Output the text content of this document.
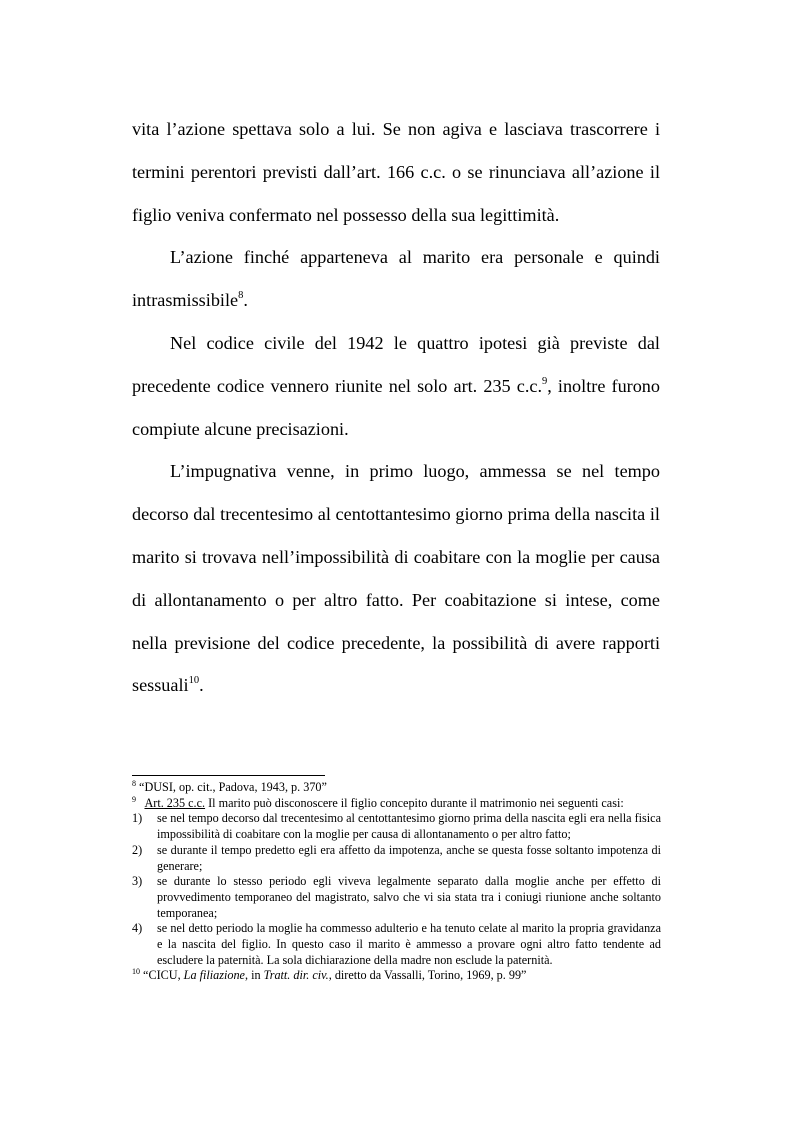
vita l’azione spettava solo a lui. Se non agiva e lasciava trascorrere i termini perentori previsti dall’art. 166 c.c. o se rinunciava all’azione il figlio veniva confermato nel possesso della sua legittimità.

L’azione finché apparteneva al marito era personale e quindi intrasmissibile$^8$.

Nel codice civile del 1942 le quattro ipotesi già previste dal precedente codice vennero riunite nel solo art. 235 c.c.$^9$, inoltre furono compiute alcune precisazioni.

L’impugnativa venne, in primo luogo, ammessa se nel tempo decorso dal trecentesimo al centottantesimo giorno prima della nascita il marito si trovava nell’impossibilità di coabitare con la moglie per causa di allontanamento o per altro fatto. Per coabitazione si intese, come nella previsione del codice precedente, la possibilità di avere rapporti sessuali$^{10}$.

$^8$ “DUSI, op. cit., Padova, 1943, p. 370”

$^9$ Art. 235 c.c. Il marito può disconoscere il figlio concepito durante il matrimonio nei seguenti casi:

1)	se nel tempo decorso dal trecentesimo al centottantesimo giorno prima della nascita egli era nella fisica impossibilità di coabitare con la moglie per causa di allontanamento o per altro fatto;
2)	se durante il tempo predetto egli era affetto da impotenza, anche se questa fosse soltanto impotenza di generare;
3)	se durante lo stesso periodo egli viveva legalmente separato dalla moglie anche per effetto di provvedimento temporaneo del magistrato, salvo che vi sia stata tra i coniugi riunione anche soltanto temporanea;
4)	se nel detto periodo la moglie ha commesso adulterio e ha tenuto celate al marito la propria gravidanza e la nascita del figlio. In questo caso il marito è ammesso a provare ogni altro fatto tendente ad escludere la paternità. La sola dichiarazione della madre non esclude la paternità.

$^{10}$ “CICU, La filiazione, in Tratt. dir. civ., diretto da Vassalli, Torino, 1969, p. 99”
